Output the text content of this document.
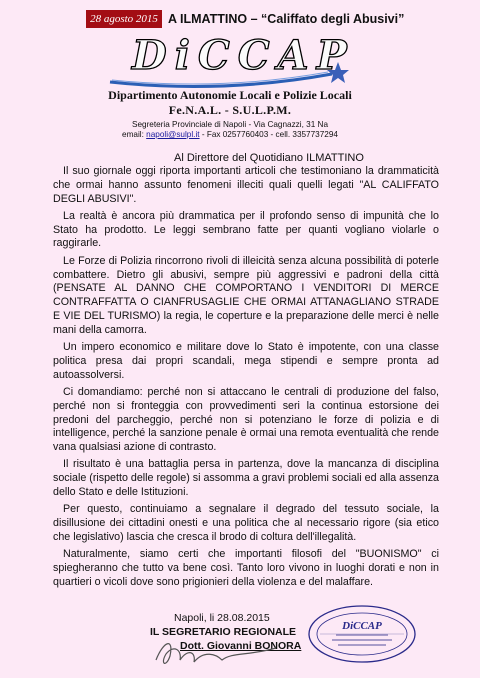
28 agosto 2015 A ILMATTINO – “Califfato degli Abusivi”
DiCCAP
Dipartimento Autonomie Locali e Polizie Locali
Fe.N.A.L. - S.U.L.P.M.
Segreteria Provinciale di Napoli - Via Cagnazzi, 31 Na
email: napoli@sulpl.it - Fax 0257760403 - cell. 3357737294
Al Direttore del Quotidiano ILMATTINO

Il suo giornale oggi riporta importanti articoli che testimoniano la drammaticità che ormai hanno assunto fenomeni illeciti quali quelli legati "AL CALIFFATO DEGLI ABUSIVI".

La realtà è ancora più drammatica per il profondo senso di impunità che lo Stato ha prodotto. Le leggi sembrano fatte per quanti vogliano violarle o raggirarle.

Le Forze di Polizia rincorrono rivoli di illeicità senza alcuna possibilità di poterle combattere. Dietro gli abusivi, sempre più aggressivi e padroni della città (PENSATE AL DANNO CHE COMPORTANO I VENDITORI DI MERCE CONTRAFFATTA O CIANFRUSAGLIE CHE ORMAI ATTANAGLIANO STRADE E VIE DEL TURISMO) la regia, le coperture e la preparazione delle merci è nelle mani della camorra.

Un impero economico e militare dove lo Stato è impotente, con una classe politica presa dai propri scandali, mega stipendi e sempre pronta ad autoassolversi.

Ci domandiamo: perché non si attaccano le centrali di produzione del falso, perché non si fronteggia con provvedimenti seri la continua estorsione dei predoni del parcheggio, perché non si potenziano le forze di polizia e di intelligence, perché la sanzione penale è ormai una remota eventualità che rende vana qualsiasi azione di contrasto.

Il risultato è una battaglia persa in partenza, dove la mancanza di disciplina sociale (rispetto delle regole) si assomma a gravi problemi sociali ed alla assenza dello Stato e delle Istituzioni.

Per questo, continuiamo a segnalare il degrado del tessuto sociale, la disillusione dei cittadini onesti e una politica che al necessario rigore (sia etico che legislativo) lascia che cresca il brodo di coltura dell'illegalità.

Naturalmente, siamo certi che importanti filosofi del "BUONISMO" ci spiegheranno che tutto va bene così. Tanto loro vivono in luoghi dorati e non in quartieri o vicoli dove sono prigionieri della violenza e del malaffare.

Napoli, li 28.08.2015
IL SEGRETARIO REGIONALE
Dott. Giovanni BONORA
DiCCAP
